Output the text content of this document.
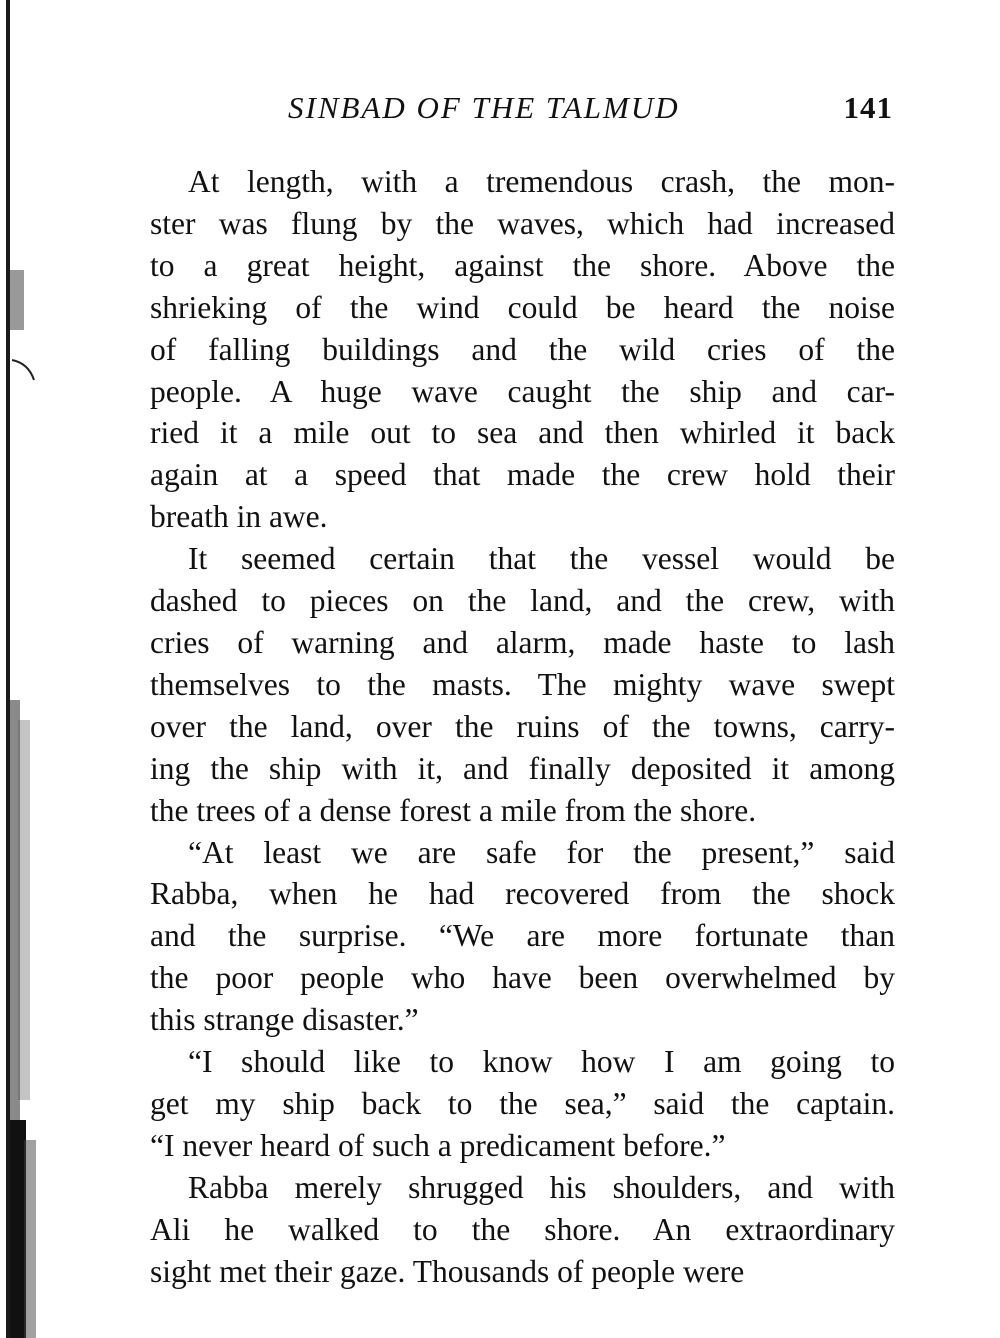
SINBAD OF THE TALMUD	141

At length, with a tremendous crash, the mon-
ster was flung by the waves, which had increased
to a great height, against the shore. Above the
shrieking of the wind could be heard the noise
of falling buildings and the wild cries of the
people. A huge wave caught the ship and car-
ried it a mile out to sea and then whirled it back
again at a speed that made the crew hold their
breath in awe.

It seemed certain that the vessel would be
dashed to pieces on the land, and the crew, with
cries of warning and alarm, made haste to lash
themselves to the masts. The mighty wave swept
over the land, over the ruins of the towns, carry-
ing the ship with it, and finally deposited it among
the trees of a dense forest a mile from the shore.

“At least we are safe for the present,” said
Rabba, when he had recovered from the shock
and the surprise. “We are more fortunate than
the poor people who have been overwhelmed by
this strange disaster.”

“I should like to know how I am going to
get my ship back to the sea,” said the captain.
“I never heard of such a predicament before.”

Rabba merely shrugged his shoulders, and with
Ali he walked to the shore. An extraordinary
sight met their gaze. Thousands of people were
